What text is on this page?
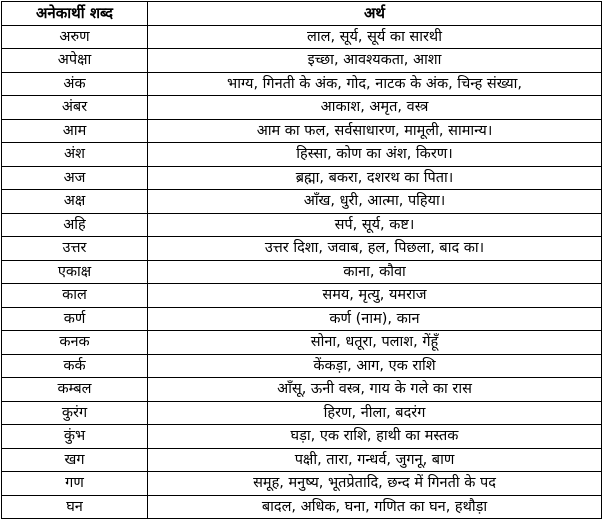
अनेकार्थी शब्द	अर्थ
अरुण	लाल, सूर्य, सूर्य का सारथी
अपेक्षा	इच्छा, आवश्यकता, आशा
अंक	भाग्य, गिनती के अंक, गोद, नाटक के अंक, चिन्ह संख्या,
अंबर	आकाश, अमृत, वस्त्र
आम	आम का फल, सर्वसाधारण, मामूली, सामान्य।
अंश	हिस्सा, कोण का अंश, किरण।
अज	ब्रह्मा, बकरा, दशरथ का पिता।
अक्ष	आँख, धुरी, आत्मा, पहिया।
अहि	सर्प, सूर्य, कष्ट।
उत्तर	उत्तर दिशा, जवाब, हल, पिछला, बाद का।
एकाक्ष	काना, कौवा
काल	समय, मृत्यु, यमराज
कर्ण	कर्ण (नाम), कान
कनक	सोना, धतूरा, पलाश, गेंहूँ
कर्क	केंकड़ा, आग, एक राशि
कम्बल	आँसू, ऊनी वस्त्र, गाय के गले का रास
कुरंग	हिरण, नीला, बदरंग
कुंभ	घड़ा, एक राशि, हाथी का मस्तक
खग	पक्षी, तारा, गन्धर्व, जुगनू, बाण
गण	समूह, मनुष्य, भूतप्रेतादि, छन्द में गिनती के पद
घन	बादल, अधिक, घना, गणित का घन, हथौड़ा
